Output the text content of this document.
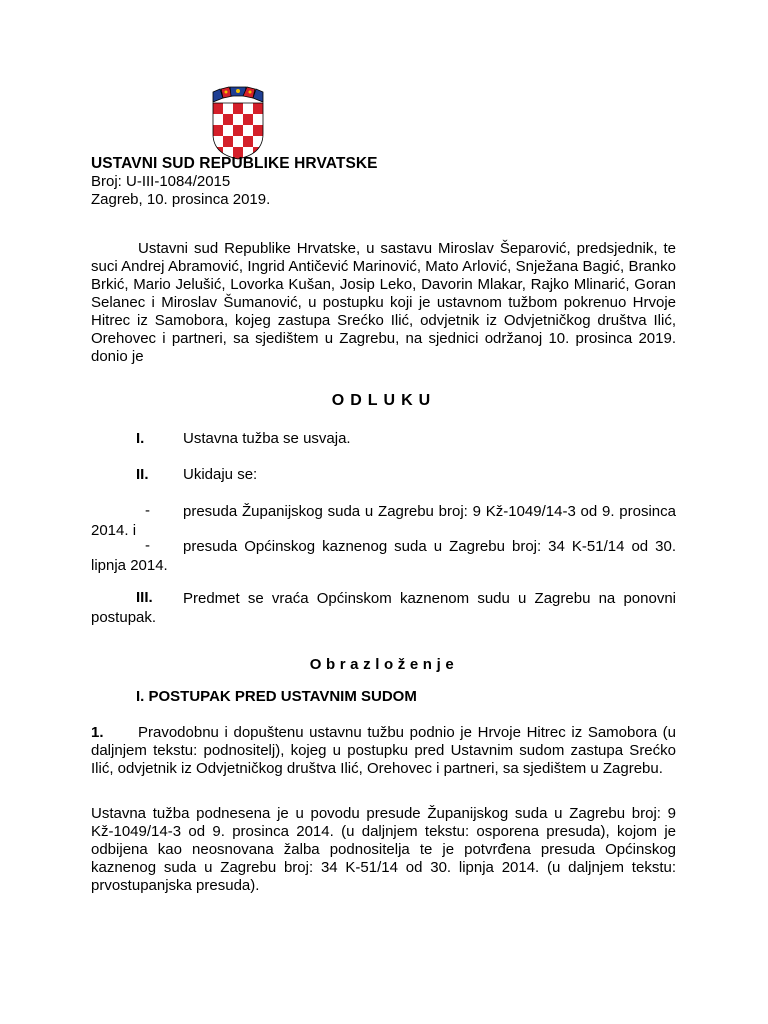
USTAVNI SUD REPUBLIKE HRVATSKE
Broj: U-III-1084/2015
Zagreb, 10. prosinca 2019.

Ustavni sud Republike Hrvatske, u sastavu Miroslav Šeparović, predsjednik, te suci Andrej Abramović, Ingrid Antičević Marinović, Mato Arlović, Snježana Bagić, Branko Brkić, Mario Jelušić, Lovorka Kušan, Josip Leko, Davorin Mlakar, Rajko Mlinarić, Goran Selanec i Miroslav Šumanović, u postupku koji je ustavnom tužbom pokrenuo Hrvoje Hitrec iz Samobora, kojeg zastupa Srećko Ilić, odvjetnik iz Odvjetničkog društva Ilić, Orehovec i partneri, sa sjedištem u Zagrebu, na sjednici održanoj 10. prosinca 2019. donio je

ODLUKU
I.	Ustavna tužba se usvaja.
II. Ukidaju se:
-	presuda Županijskog suda u Zagrebu broj: 9 Kž-1049/14-3 od 9. prosinca 2014. i

-	presuda Općinskog kaznenog suda u Zagrebu broj: 34 K-51/14 od 30. lipnja 2014.

III.	Predmet se vraća Općinskom kaznenom sudu u Zagrebu na ponovni postupak.

Obrazloženje
I. POSTUPAK PRED USTAVNIM SUDOM
1.	Pravodobnu i dopuštenu ustavnu tužbu podnio je Hrvoje Hitrec iz Samobora (u daljnjem tekstu: podnositelj), kojeg u postupku pred Ustavnim sudom zastupa Srećko Ilić, odvjetnik iz Odvjetničkog društva Ilić, Orehovec i partneri, sa sjedištem u Zagrebu.

Ustavna tužba podnesena je u povodu presude Županijskog suda u Zagrebu broj: 9 Kž-1049/14-3 od 9. prosinca 2014. (u daljnjem tekstu: osporena presuda), kojom je odbijena kao neosnovana žalba podnositelja te je potvrđena presuda Općinskog kaznenog suda u Zagrebu broj: 34 K-51/14 od 30. lipnja 2014. (u daljnjem tekstu: prvostupanjska presuda).
